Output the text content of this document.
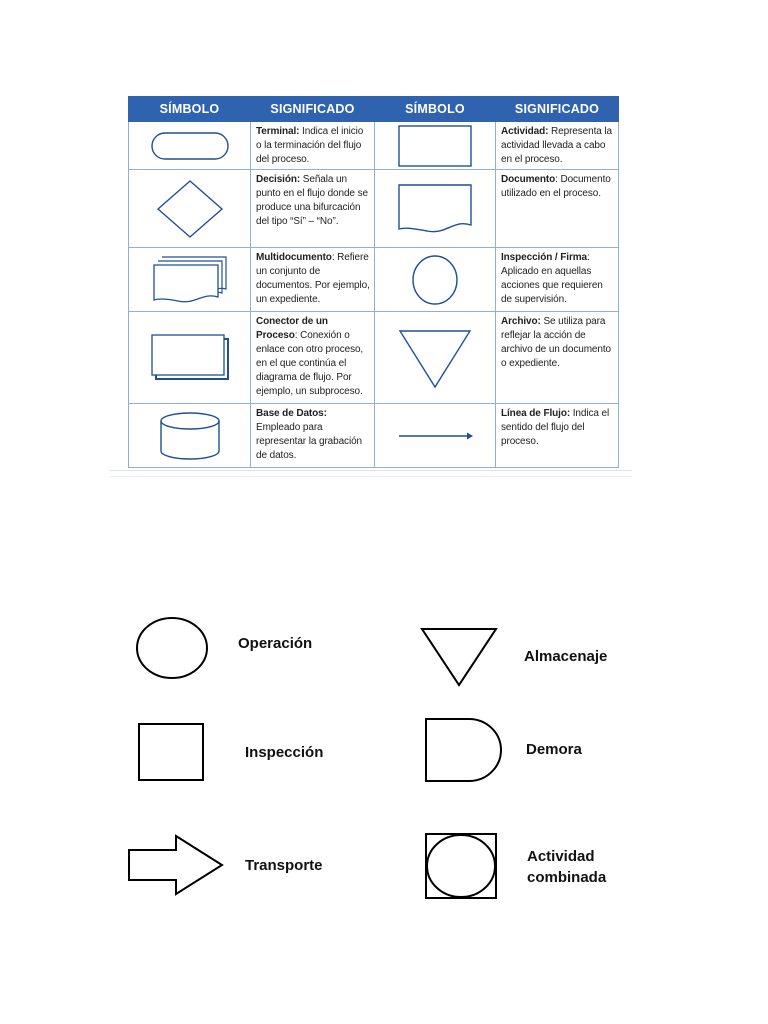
SÍMBOLO	SIGNIFICADO	SÍMBOLO	SIGNIFICADO

	Terminal: Indica el inicio o la terminación del flujo del proceso.		Actividad: Representa la actividad llevada a cabo en el proceso.

	Decisión: Señala un punto en el flujo donde se produce una bifurcación del tipo “Sí” – “No”.		Documento: Documento utilizado en el proceso.

	Multidocumento: Refiere un conjunto de documentos. Por ejemplo, un expediente.		Inspección / Firma: Aplicado en aquellas acciones que requieren de supervisión.

	Conector de un Proceso: Conexión o enlace con otro proceso, en el que continúa el diagrama de flujo. Por ejemplo, un subproceso.		Archivo: Se utiliza para reflejar la acción de archivo de un documento o expediente.

	Base de Datos: Empleado para representar la grabación de datos.		Línea de Flujo: Indica el sentido del flujo del proceso.
Operación
Almacenaje
Inspección	Demora
Transporte
Actividad combinada
